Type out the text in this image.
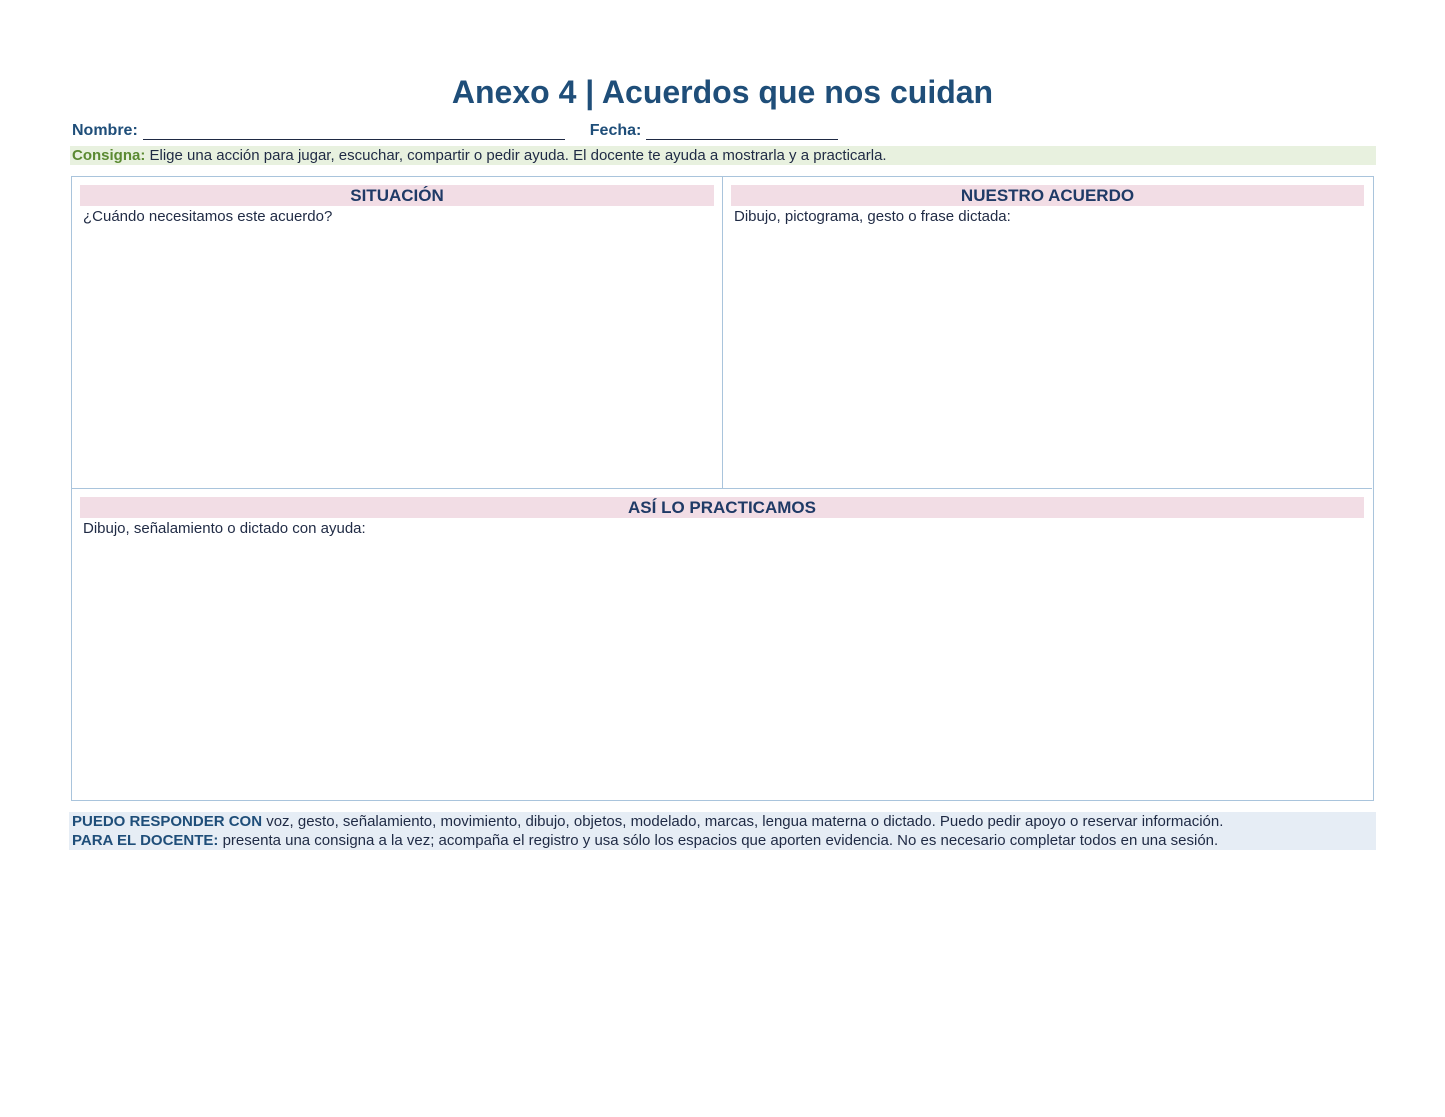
Anexo 4 | Acuerdos que nos cuidan
Nombre:	Fecha:
Consigna: Elige una acción para jugar, escuchar, compartir o pedir ayuda. El docente te ayuda a mostrarla y a practicarla.
SITUACIÓN
¿Cuándo necesitamos este acuerdo?
NUESTRO ACUERDO
Dibujo, pictograma, gesto o frase dictada:
ASÍ LO PRACTICAMOS
Dibujo, señalamiento o dictado con ayuda:
PUEDO RESPONDER CON voz, gesto, señalamiento, movimiento, dibujo, objetos, modelado, marcas, lengua materna o dictado. Puedo pedir apoyo o reservar información.
PARA EL DOCENTE: presenta una consigna a la vez; acompaña el registro y usa sólo los espacios que aporten evidencia. No es necesario completar todos en una sesión.
